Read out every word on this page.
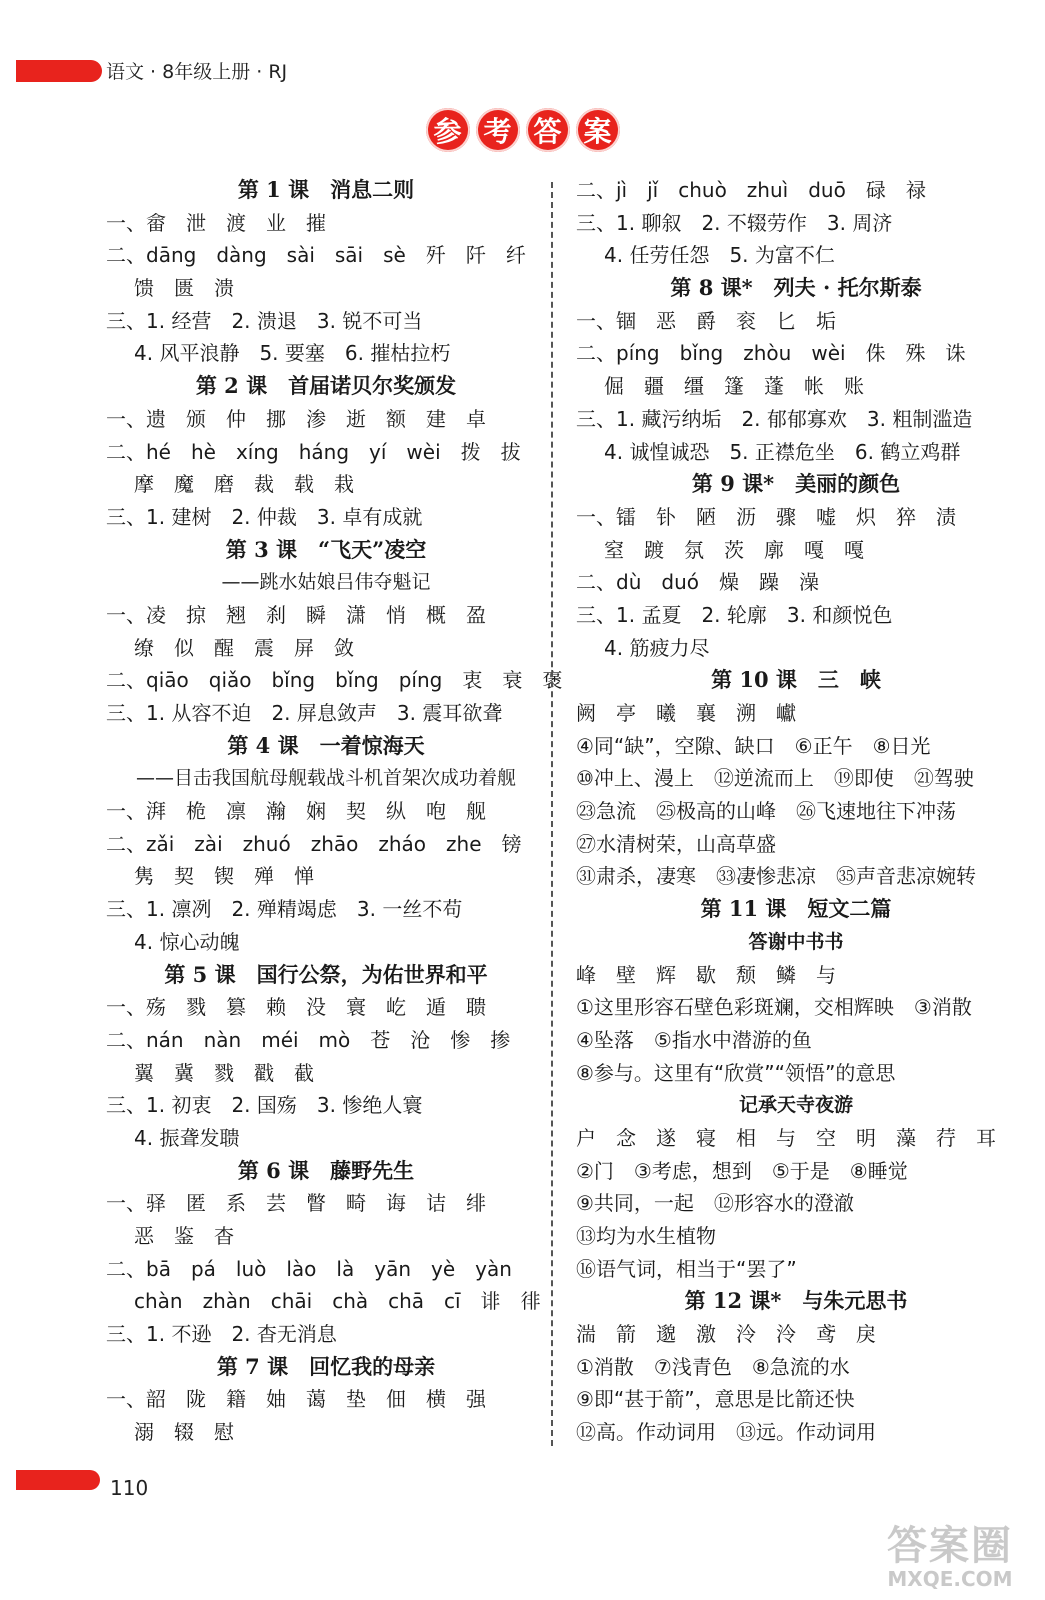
语文 · 8年级上册 · RJ
参 考 答 案
第 1 课　消息二则
一、畲　泄　渡　业　摧
二、dāng　dàng　sài　sāi　sè　歼　阡　纤
馈　匮　溃
三、1. 经营　2. 溃退　3. 锐不可当
4. 风平浪静　5. 要塞　6. 摧枯拉朽
第 2 课　首届诺贝尔奖颁发
一、遗　颁　仲　挪　渗　逝　额　建　卓
二、hé　hè　xíng　háng　yí　wèi　拨　拔
摩　魔　磨　裁　载　栽
三、1. 建树　2. 仲裁　3. 卓有成就
第 3 课　“飞天”凌空
——跳水姑娘吕伟夺魁记
一、凌　掠　翘　刹　瞬　潇　悄　概　盈
缭　似　醒　震　屏　敛
二、qiāo　qiǎo　bǐng　bǐng　píng　衷　衰　褒
三、1. 从容不迫　2. 屏息敛声　3. 震耳欲聋
第 4 课　一着惊海天
——目击我国航母舰载战斗机首架次成功着舰
一、湃　桅　凛　瀚　娴　契　纵　咆　舰
二、zǎi　zài　zhuó　zhāo　zháo　zhe　镑
隽　契　锲　殚　惮
三、1. 凛冽　2. 殚精竭虑　3. 一丝不苟
4. 惊心动魄
第 5 课　国行公祭，为佑世界和平
一、殇　戮　篡　赖　没　寰　屹　遁　聩
二、nán　nàn　méi　mò　苍　沧　惨　掺
翼　冀　戮　戳　截
三、1. 初衷　2. 国殇　3. 惨绝人寰
4. 振聋发聩
第 6 课　藤野先生
一、驿　匿　系　芸　瞥　畸　诲　诘　绯
恶　鉴　杳
二、bā　pá　luò　lào　là　yān　yè　yàn
chàn　zhàn　chāi　chà　chā　cī　诽　徘
三、1. 不逊　2. 杳无消息
第 7 课　回忆我的母亲
一、韶　陇　籍　妯　蔼　垫　佃　横　强
溺　辍　慰
二、jì　jǐ　chuò　zhuì　duō　碌　禄
三、1. 聊叙　2. 不辍劳作　3. 周济
4. 任劳任怨　5. 为富不仁
第 8 课*　列夫 · 托尔斯泰
一、锢　恶　爵　衮　匕　垢
二、píng　bǐng　zhòu　wèi　侏　殊　诛
倔　疆　缰　篷　蓬　帐　账
三、1. 藏污纳垢　2. 郁郁寡欢　3. 粗制滥造
4. 诚惶诚恐　5. 正襟危坐　6. 鹤立鸡群
第 9 课*　美丽的颜色
一、镭　钋　陋　沥　骤　嘘　炽　猝　渍
窒　踱　氛　茨　廓　嘎　嘎
二、dù　duó　燥　躁　澡
三、1. 孟夏　2. 轮廓　3. 和颜悦色
4. 筋疲力尽
第 10 课　三　峡
阙　亭　曦　襄　溯　巘
④同“缺”，空隙、缺口　⑥正午　⑧日光
⑩冲上、漫上　⑫逆流而上　⑲即使　㉑驾驶
㉓急流　㉕极高的山峰　㉖飞速地往下冲荡
㉗水清树荣，山高草盛
㉛肃杀，凄寒　㉝凄惨悲凉　㉟声音悲凉婉转
第 11 课　短文二篇
答谢中书书
峰　壁　辉　歇　颓　鳞　与
①这里形容石壁色彩斑斓，交相辉映　③消散
④坠落　⑤指水中潜游的鱼
⑧参与。这里有“欣赏”“领悟”的意思
记承天寺夜游
户　念　遂　寝　相　与　空　明　藻　荇　耳
②门　③考虑，想到　⑤于是　⑧睡觉
⑨共同，一起　⑫形容水的澄澈
⑬均为水生植物
⑯语气词，相当于“罢了”
第 12 课*　与朱元思书
湍　箭　邈　激　泠　泠　鸢　戾
①消散　⑦浅青色　⑧急流的水
⑨即“甚于箭”，意思是比箭还快
⑫高。作动词用　⑬远。作动词用
110
答案圈
MXQE.COM
